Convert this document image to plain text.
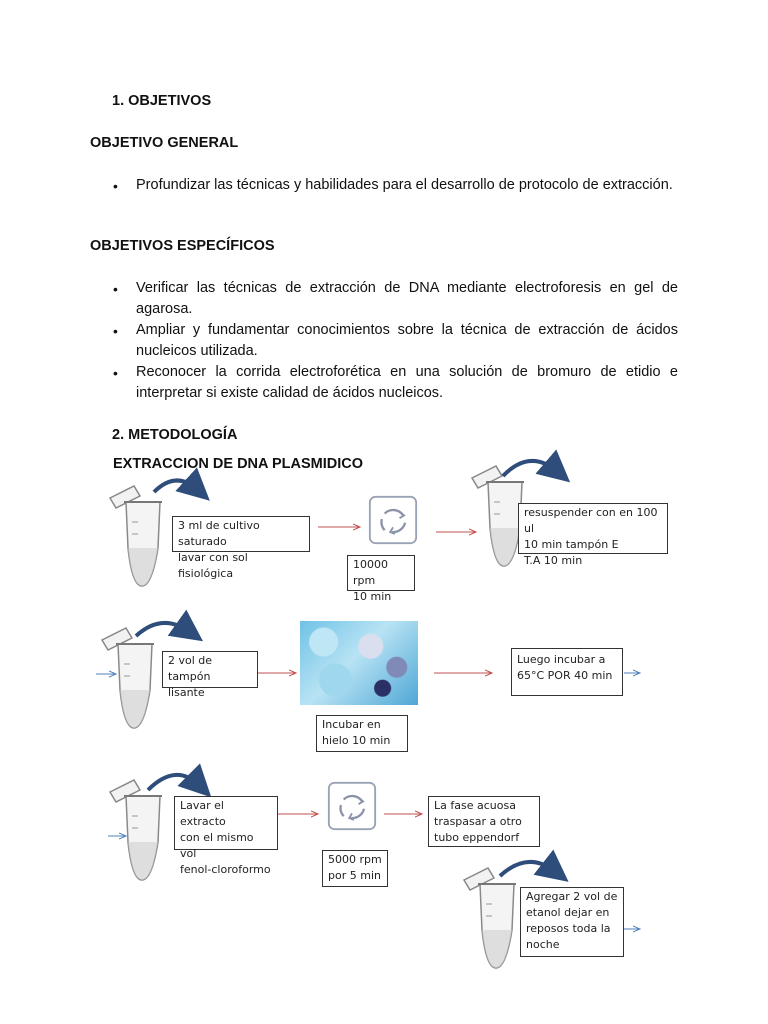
1. OBJETIVOS
OBJETIVO GENERAL
• Profundizar las técnicas y habilidades para el desarrollo de protocolo de extracción.
OBJETIVOS ESPECÍFICOS
• Verificar las técnicas de extracción de DNA mediante electroforesis en gel de agarosa.
• Ampliar y fundamentar conocimientos sobre la técnica de extracción de ácidos nucleicos utilizada.
• Reconocer la corrida electroforética en una solución de bromuro de etidio e interpretar si existe calidad de ácidos nucleicos.
2. METODOLOGÍA
EXTRACCION DE DNA PLASMIDICO
3 ml de cultivo saturado
lavar con sol fisiológica
10000 rpm
10 min
resuspender con en 100 ul
10 min tampón E
T.A 10 min
2 vol de tampón
lisante
Incubar en
hielo 10 min
Luego incubar a
65°C POR 40 min
Lavar el extracto
con el mismo vol
fenol-cloroformo
5000 rpm
por 5 min
La fase acuosa
traspasar a otro
tubo eppendorf
Agregar 2 vol de
etanol dejar en
reposos toda la
noche
